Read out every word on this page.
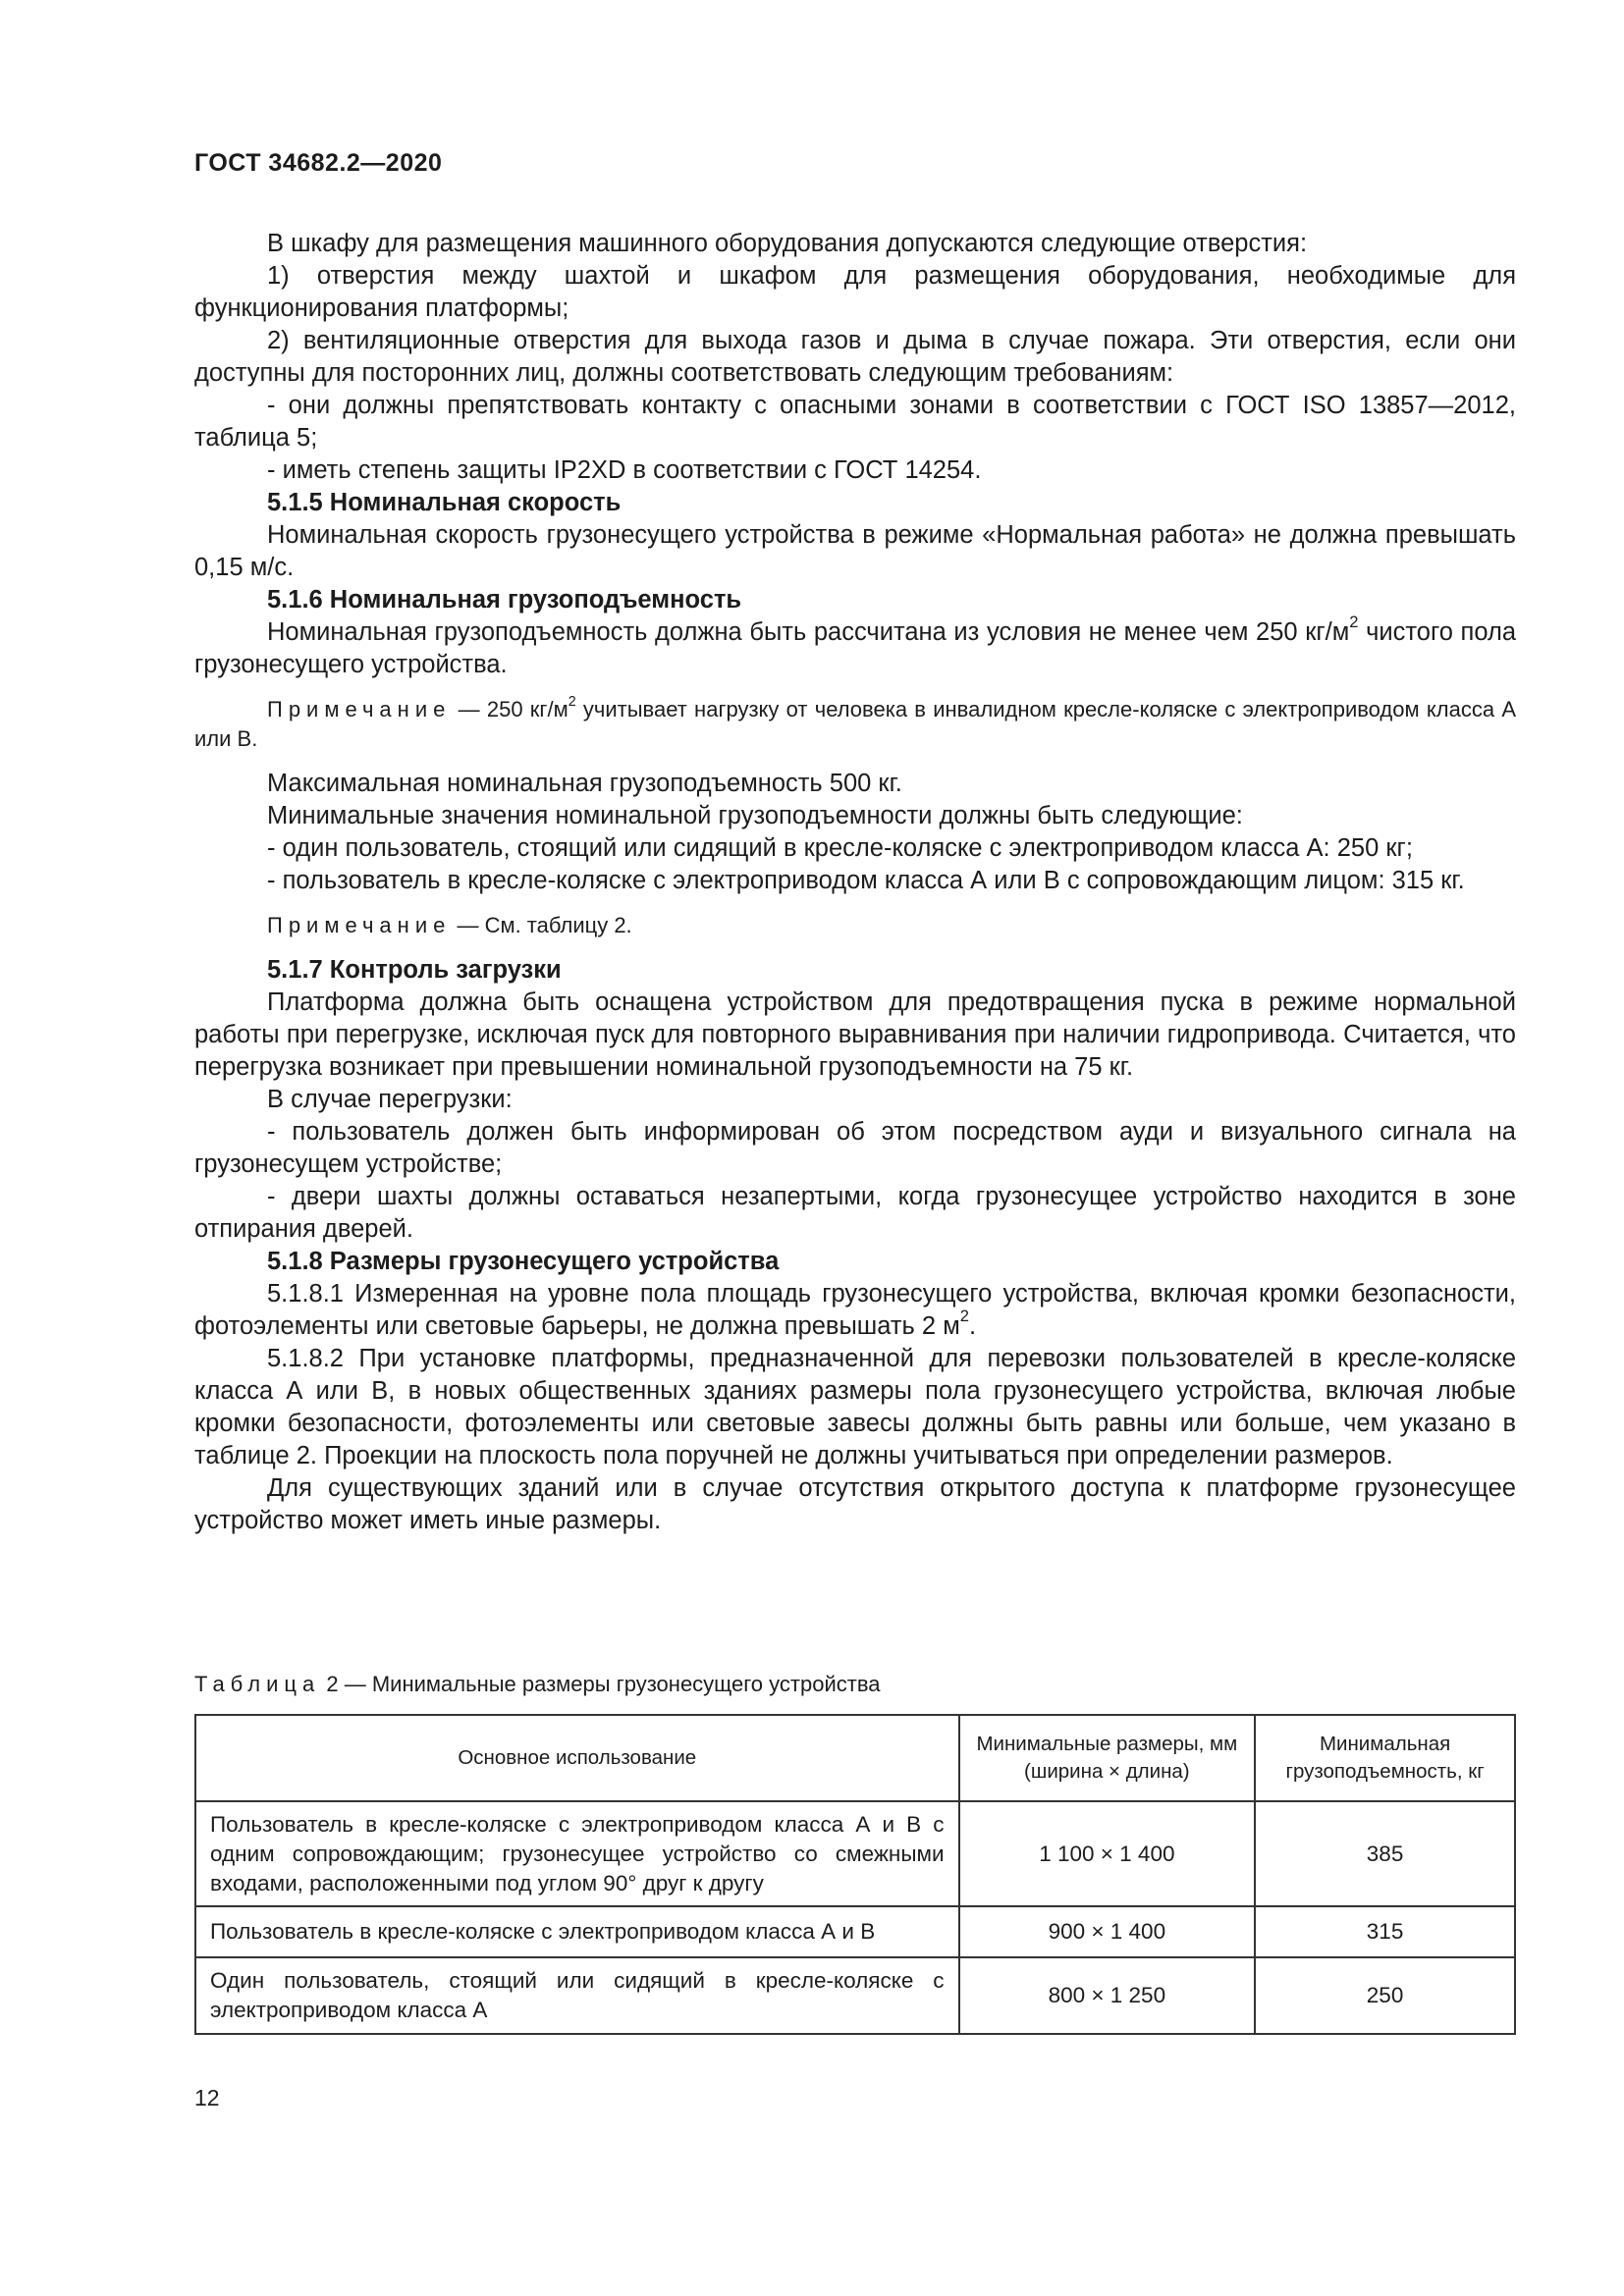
ГОСТ 34682.2—2020

В шкафу для размещения машинного оборудования допускаются следующие отверстия:

1) отверстия между шахтой и шкафом для размещения оборудования, необходимые для функционирования платформы;

2) вентиляционные отверстия для выхода газов и дыма в случае пожара. Эти отверстия, если они доступны для посторонних лиц, должны соответствовать следующим требованиям:

- они должны препятствовать контакту с опасными зонами в соответствии с ГОСТ ISO 13857—2012, таблица 5;

- иметь степень защиты IP2XD в соответствии с ГОСТ 14254.

5.1.5 Номинальная скорость

Номинальная скорость грузонесущего устройства в режиме «Нормальная работа» не должна превышать 0,15 м/с.

5.1.6 Номинальная грузоподъемность

Номинальная грузоподъемность должна быть рассчитана из условия не менее чем 250 $кг/м^2$ чистого пола грузонесущего устройства.

Примечание — 250 $кг/м^2$ учитывает нагрузку от человека в инвалидном кресле-коляске с электроприводом класса A или B.

Максимальная номинальная грузоподъемность 500 кг.

Минимальные значения номинальной грузоподъемности должны быть следующие:

- один пользователь, стоящий или сидящий в кресле-коляске с электроприводом класса А: 250 кг;

- пользователь в кресле-коляске с электроприводом класса А или В с сопровождающим лицом: 315 кг.

Примечание — См. таблицу 2.

5.1.7 Контроль загрузки

Платформа должна быть оснащена устройством для предотвращения пуска в режиме нормальной работы при перегрузке, исключая пуск для повторного выравнивания при наличии гидропривода. Считается, что перегрузка возникает при превышении номинальной грузоподъемности на 75 кг.

В случае перегрузки:

- пользователь должен быть информирован об этом посредством ауди и визуального сигнала на грузонесущем устройстве;

- двери шахты должны оставаться незапертыми, когда грузонесущее устройство находится в зоне отпирания дверей.

5.1.8 Размеры грузонесущего устройства

5.1.8.1 Измеренная на уровне пола площадь грузонесущего устройства, включая кромки безопасности, фотоэлементы или световые барьеры, не должна превышать 2 $м^2$.

5.1.8.2 При установке платформы, предназначенной для перевозки пользователей в кресле-коляске класса А или В, в новых общественных зданиях размеры пола грузонесущего устройства, включая любые кромки безопасности, фотоэлементы или световые завесы должны быть равны или больше, чем указано в таблице 2. Проекции на плоскость пола поручней не должны учитываться при определении размеров.

Для существующих зданий или в случае отсутствия открытого доступа к платформе грузонесущее устройство может иметь иные размеры.

Таблица 2 — Минимальные размеры грузонесущего устройства
Основное использование	Минимальные размеры, мм (ширина × длина)	Минимальная грузоподъемность, кг
Пользователь в кресле-коляске с электроприводом класса А и В с одним сопровождающим; грузонесущее устройство со смежными входами, расположенными под углом 90° друг к другу	1 100 × 1 400	385
Пользователь в кресле-коляске с электроприводом класса А и В	900 × 1 400	315
Один пользователь, стоящий или сидящий в кресле-коляске с электроприводом класса А	800 × 1 250	250
12
